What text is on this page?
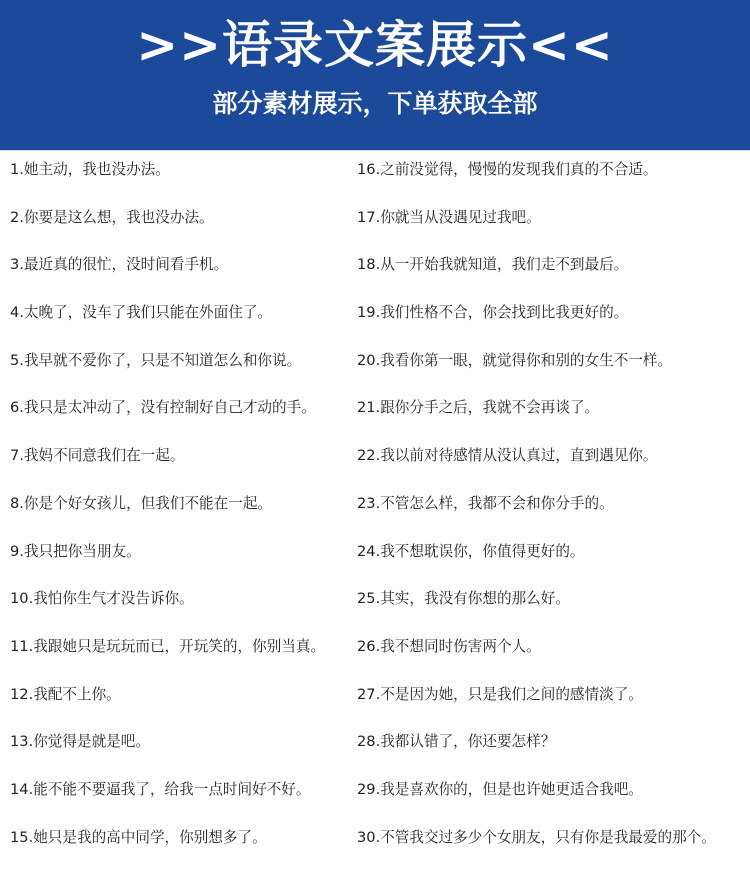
>>语录文案展示<<
部分素材展示，下单获取全部
1.她主动，我也没办法。
2.你要是这么想，我也没办法。
3.最近真的很忙，没时间看手机。
4.太晚了，没车了我们只能在外面住了。
5.我早就不爱你了，只是不知道怎么和你说。
6.我只是太冲动了，没有控制好自己才动的手。
7.我妈不同意我们在一起。
8.你是个好女孩儿，但我们不能在一起。
9.我只把你当朋友。
10.我怕你生气才没告诉你。
11.我跟她只是玩玩而已，开玩笑的，你别当真。
12.我配不上你。
13.你觉得是就是吧。
14.能不能不要逼我了，给我一点时间好不好。
15.她只是我的高中同学，你别想多了。
16.之前没觉得，慢慢的发现我们真的不合适。
17.你就当从没遇见过我吧。
18.从一开始我就知道，我们走不到最后。
19.我们性格不合，你会找到比我更好的。
20.我看你第一眼，就觉得你和别的女生不一样。
21.跟你分手之后，我就不会再谈了。
22.我以前对待感情从没认真过，直到遇见你。
23.不管怎么样，我都不会和你分手的。
24.我不想耽误你，你值得更好的。
25.其实，我没有你想的那么好。
26.我不想同时伤害两个人。
27.不是因为她，只是我们之间的感情淡了。
28.我都认错了，你还要怎样？
29.我是喜欢你的，但是也许她更适合我吧。
30.不管我交过多少个女朋友，只有你是我最爱的那个。
